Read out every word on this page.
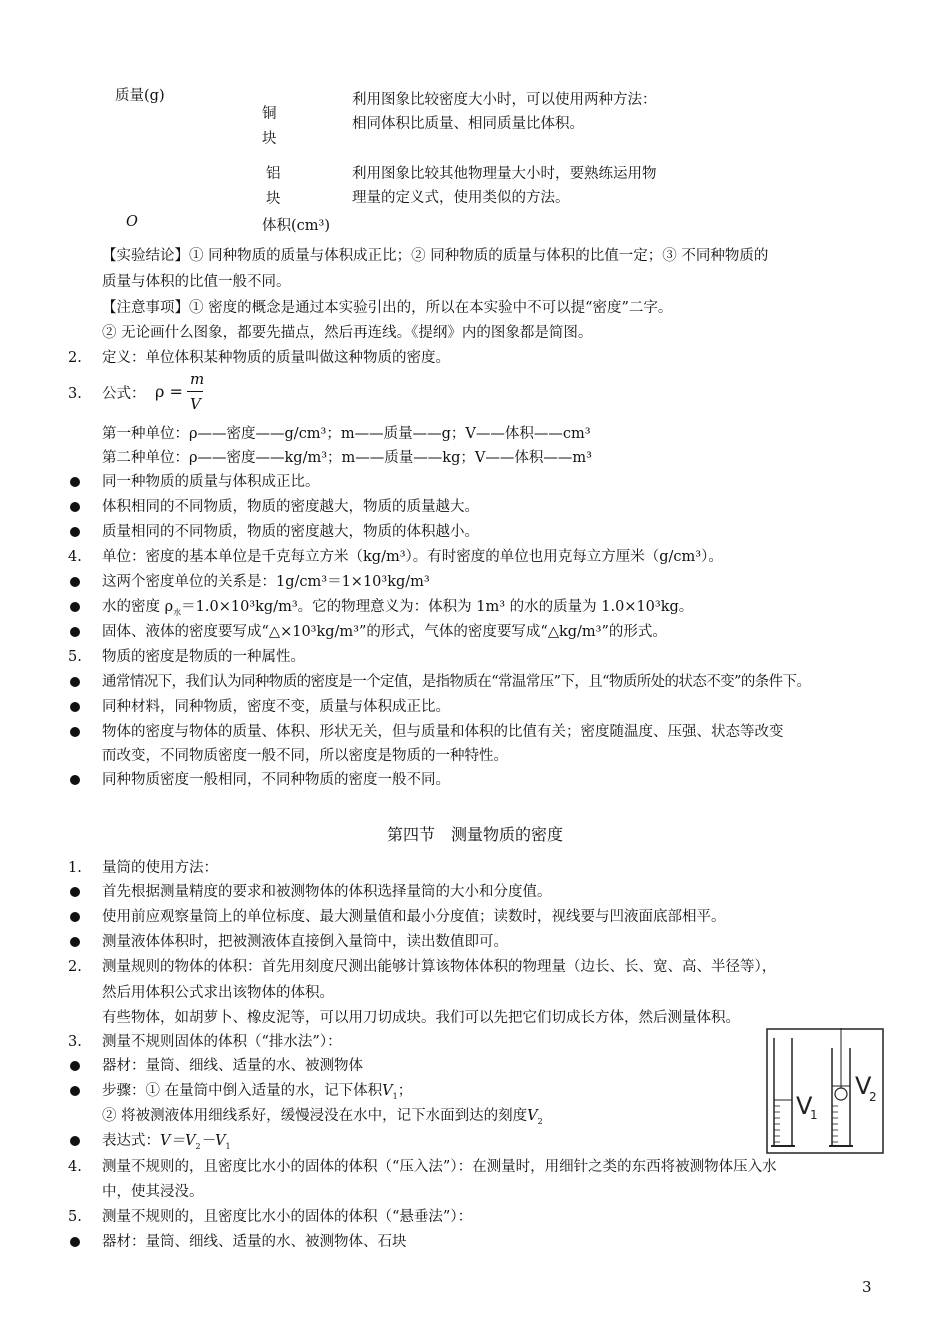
质量(g)
铜
块
铝
块
O	体积(cm³)
利用图象比较密度大小时，可以使用两种方法：
相同体积比质量、相同质量比体积。
利用图象比较其他物理量大小时，要熟练运用物
理量的定义式，使用类似的方法。
【实验结论】① 同种物质的质量与体积成正比；② 同种物质的质量与体积的比值一定；③ 不同种物质的
质量与体积的比值一般不同。
【注意事项】① 密度的概念是通过本实验引出的，所以在本实验中不可以提“密度”二字。
② 无论画什么图象，都要先描点，然后再连线。《提纲》内的图象都是简图。
2. 定义：单位体积某种物质的质量叫做这种物质的密度。
3. 公式： ρ =
m
V
第一种单位：ρ——密度——g/cm³；m——质量——g；V——体积——cm³
第二种单位：ρ——密度——kg/m³；m——质量——kg；V——体积——m³
同一种物质的质量与体积成正比。
体积相同的不同物质，物质的密度越大，物质的质量越大。
质量相同的不同物质，物质的密度越大，物质的体积越小。
4. 单位：密度的基本单位是千克每立方米（kg/m³）。有时密度的单位也用克每立方厘米（g/cm³）。
这两个密度单位的关系是：1g/cm³＝1×10³kg/m³
水的密度 $\rho_水=1.0\times 10^3kg/m^3$。它的物理意义为：体积为 1m³ 的水的质量为 1.0×10³kg。
固体、液体的密度要写成“△×10³kg/m³”的形式，气体的密度要写成“△kg/m³”的形式。
5. 物质的密度是物质的一种属性。
通常情况下，我们认为同种物质的密度是一个定值，是指物质在“常温常压”下，且“物质所处的状态不变”的条件下。
同种材料，同种物质，密度不变，质量与体积成正比。
物体的密度与物体的质量、体积、形状无关，但与质量和体积的比值有关；密度随温度、压强、状态等改变
而改变，不同物质密度一般不同，所以密度是物质的一种特性。
同种物质密度一般相同，不同种物质的密度一般不同。
第四节　测量物质的密度
1. 量筒的使用方法：
首先根据测量精度的要求和被测物体的体积选择量筒的大小和分度值。
使用前应观察量筒上的单位标度、最大测量值和最小分度值；读数时，视线要与凹液面底部相平。
测量液体体积时，把被测液体直接倒入量筒中，读出数值即可。
2. 测量规则的物体的体积：首先用刻度尺测出能够计算该物体体积的物理量（边长、长、宽、高、半径等），
然后用体积公式求出该物体的体积。
有些物体，如胡萝卜、橡皮泥等，可以用刀切成块。我们可以先把它们切成长方体，然后测量体积。
3. 测量不规则固体的体积（“排水法”）：
器材：量筒、细线、适量的水、被测物体
步骤：① 在量筒中倒入适量的水，记下体积$V_1$；
② 将被测液体用细线系好，缓慢浸没在水中，记下水面到达的刻度$V_2$
表达式：$V=V_2-V_1$
4. 测量不规则的，且密度比水小的固体的体积（“压入法”）：在测量时，用细针之类的东西将被测物体压入水
中，使其浸没。
5. 测量不规则的，且密度比水小的固体的体积（“悬垂法”）：
器材：量筒、细线、适量的水、被测物体、石块
V
1
V
2
3
